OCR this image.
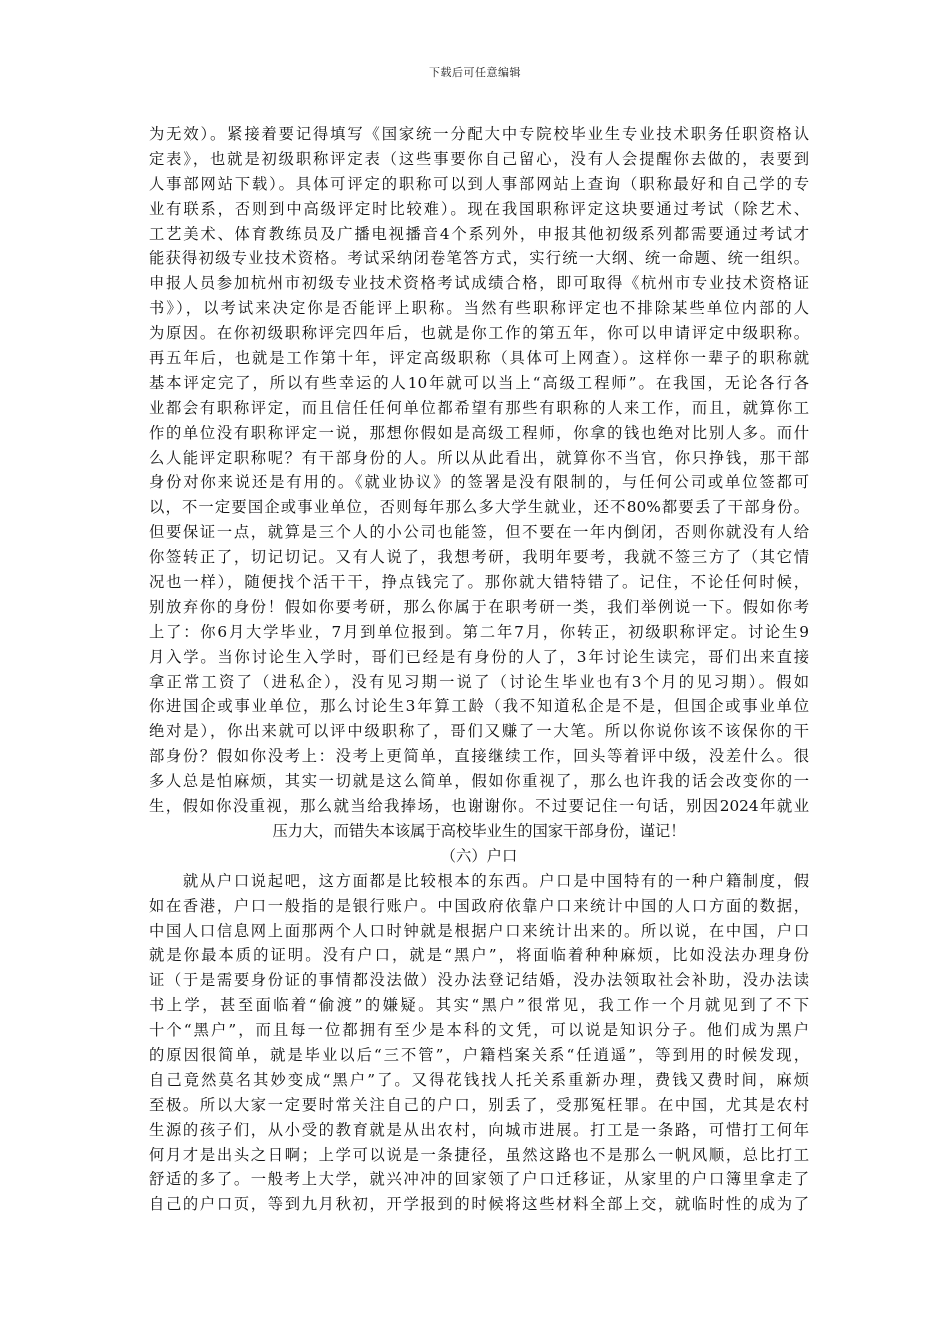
下载后可任意编辑
为无效）。紧接着要记得填写《国家统一分配大中专院校毕业生专业技术职务任职资格认
定表》，也就是初级职称评定表（这些事要你自己留心，没有人会提醒你去做的，表要到
人事部网站下载）。具体可评定的职称可以到人事部网站上查询（职称最好和自己学的专
业有联系，否则到中高级评定时比较难）。现在我国职称评定这块要通过考试（除艺术、
工艺美术、体育教练员及广播电视播音4个系列外，申报其他初级系列都需要通过考试才
能获得初级专业技术资格。考试采纳闭卷笔答方式，实行统一大纲、统一命题、统一组织。
申报人员参加杭州市初级专业技术资格考试成绩合格，即可取得《杭州市专业技术资格证
书》），以考试来决定你是否能评上职称。当然有些职称评定也不排除某些单位内部的人
为原因。在你初级职称评完四年后，也就是你工作的第五年，你可以申请评定中级职称。
再五年后，也就是工作第十年，评定高级职称（具体可上网查）。这样你一辈子的职称就
基本评定完了，所以有些幸运的人10年就可以当上“高级工程师”。在我国，无论各行各
业都会有职称评定，而且信任任何单位都希望有那些有职称的人来工作，而且，就算你工
作的单位没有职称评定一说，那想你假如是高级工程师，你拿的钱也绝对比别人多。而什
么人能评定职称呢？有干部身份的人。所以从此看出，就算你不当官，你只挣钱，那干部
身份对你来说还是有用的。《就业协议》的签署是没有限制的，与任何公司或单位签都可
以，不一定要国企或事业单位，否则每年那么多大学生就业，还不80%都要丢了干部身份。
但要保证一点，就算是三个人的小公司也能签，但不要在一年内倒闭，否则你就没有人给
你签转正了，切记切记。又有人说了，我想考研，我明年要考，我就不签三方了（其它情
况也一样），随便找个活干干，挣点钱完了。那你就大错特错了。记住，不论任何时候，
别放弃你的身份！假如你要考研，那么你属于在职考研一类，我们举例说一下。假如你考
上了：你6月大学毕业，7月到单位报到。第二年7月，你转正，初级职称评定。讨论生9
月入学。当你讨论生入学时，哥们已经是有身份的人了，3年讨论生读完，哥们出来直接
拿正常工资了（进私企），没有见习期一说了（讨论生毕业也有3个月的见习期）。假如
你进国企或事业单位，那么讨论生3年算工龄（我不知道私企是不是，但国企或事业单位
绝对是），你出来就可以评中级职称了，哥们又赚了一大笔。所以你说你该不该保你的干
部身份？假如你没考上：没考上更简单，直接继续工作，回头等着评中级，没差什么。很
多人总是怕麻烦，其实一切就是这么简单，假如你重视了，那么也许我的话会改变你的一
生，假如你没重视，那么就当给我捧场，也谢谢你。不过要记住一句话，别因2024年就业
压力大，而错失本该属于高校毕业生的国家干部身份，谨记！
（六）户口
　　就从户口说起吧，这方面都是比较根本的东西。户口是中国特有的一种户籍制度，假
如在香港，户口一般指的是银行账户。中国政府依靠户口来统计中国的人口方面的数据，
中国人口信息网上面那两个人口时钟就是根据户口来统计出来的。所以说，在中国，户口
就是你最本质的证明。没有户口，就是“黑户”，将面临着种种麻烦，比如没法办理身份
证（于是需要身份证的事情都没法做）没办法登记结婚，没办法领取社会补助，没办法读
书上学，甚至面临着“偷渡”的嫌疑。其实“黑户”很常见，我工作一个月就见到了不下
十个“黑户”，而且每一位都拥有至少是本科的文凭，可以说是知识分子。他们成为黑户
的原因很简单，就是毕业以后“三不管”，户籍档案关系“任逍遥”，等到用的时候发现，
自己竟然莫名其妙变成“黑户”了。又得花钱找人托关系重新办理，费钱又费时间，麻烦
至极。所以大家一定要时常关注自己的户口，别丢了，受那冤枉罪。在中国，尤其是农村
生源的孩子们，从小受的教育就是从出农村，向城市进展。打工是一条路，可惜打工何年
何月才是出头之日啊；上学可以说是一条捷径，虽然这路也不是那么一帆风顺，总比打工
舒适的多了。一般考上大学，就兴冲冲的回家领了户口迁移证，从家里的户口簿里拿走了
自己的户口页，等到九月秋初，开学报到的时候将这些材料全部上交，就临时性的成为了
